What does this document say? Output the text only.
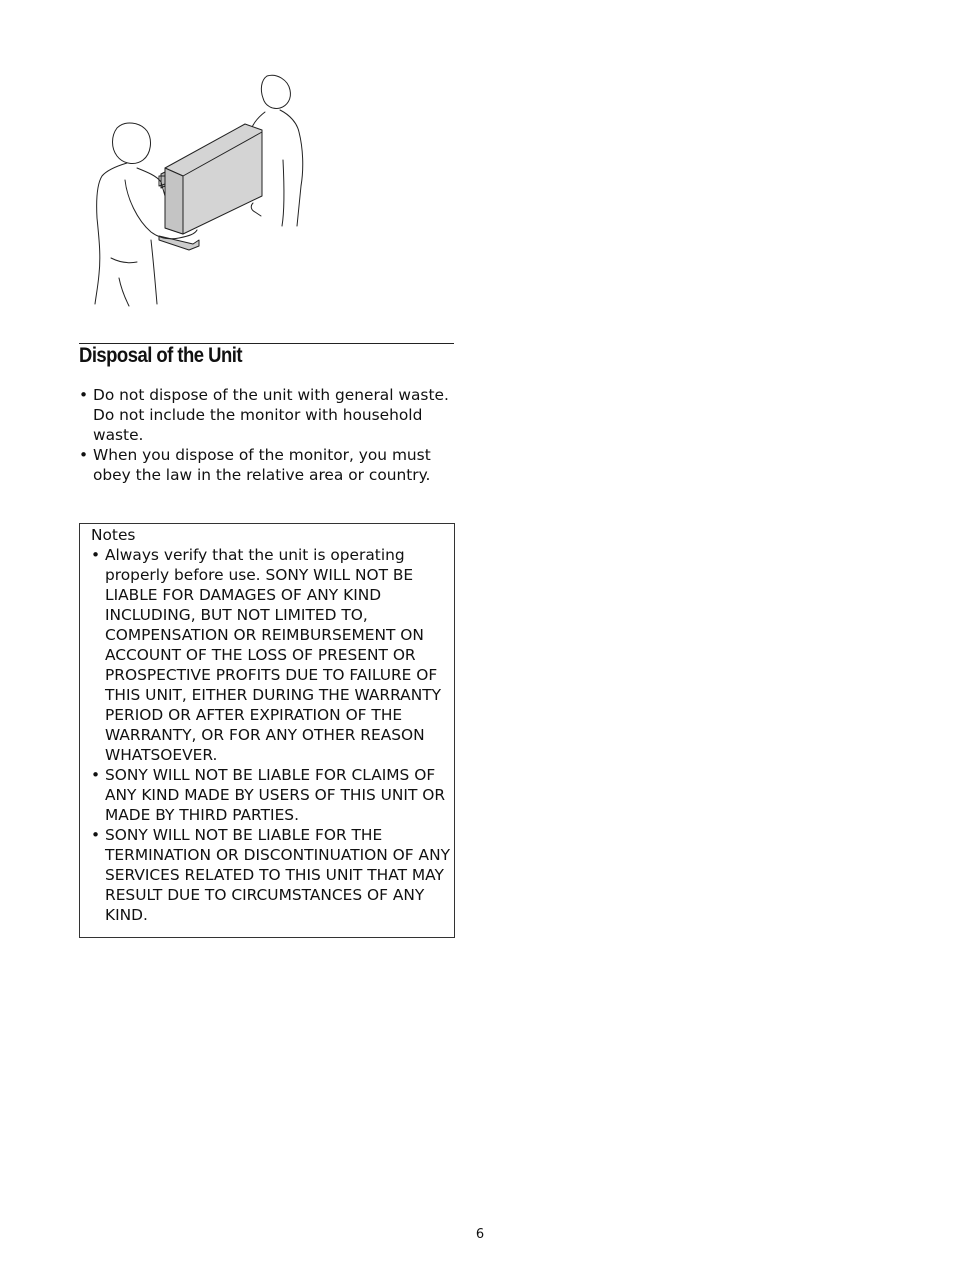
Disposal of the Unit
• Do not dispose of the unit with general waste. Do not include the monitor with household waste.
• When you dispose of the monitor, you must obey the law in the relative area or country.
Notes
• Always verify that the unit is operating properly before use. SONY WILL NOT BE LIABLE FOR DAMAGES OF ANY KIND INCLUDING, BUT NOT LIMITED TO, COMPENSATION OR REIMBURSEMENT ON ACCOUNT OF THE LOSS OF PRESENT OR PROSPECTIVE PROFITS DUE TO FAILURE OF THIS UNIT, EITHER DURING THE WARRANTY PERIOD OR AFTER EXPIRATION OF THE WARRANTY, OR FOR ANY OTHER REASON WHATSOEVER.
• SONY WILL NOT BE LIABLE FOR CLAIMS OF ANY KIND MADE BY USERS OF THIS UNIT OR MADE BY THIRD PARTIES.
• SONY WILL NOT BE LIABLE FOR THE TERMINATION OR DISCONTINUATION OF ANY SERVICES RELATED TO THIS UNIT THAT MAY RESULT DUE TO CIRCUMSTANCES OF ANY KIND.
6
